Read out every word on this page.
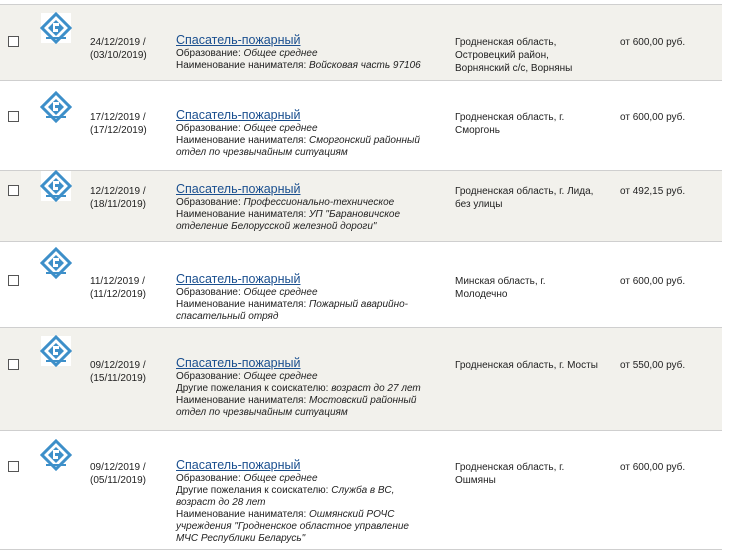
24/12/2019 /
(03/10/2019)
Спасатель-пожарный
Образование: Общее среднее
Наименование нанимателя: Войсковая часть 97106
Гродненская область,
Островецкий район,
Ворнянский с/с, Ворняны
от 600,00 руб.
17/12/2019 /
(17/12/2019)
Спасатель-пожарный
Образование: Общее среднее
Наименование нанимателя: Сморгонский районный
отдел по чрезвычайным ситуациям
Гродненская область, г.
Сморгонь
от 600,00 руб.
12/12/2019 /
(18/11/2019)
Спасатель-пожарный
Образование: Профессионально-техническое
Наименование нанимателя: УП "Барановичское
отделение Белорусской железной дороги"
Гродненская область, г. Лида,
без улицы
от 492,15 руб.
11/12/2019 /
(11/12/2019)
Спасатель-пожарный
Образование: Общее среднее
Наименование нанимателя: Пожарный аварийно-
спасательный отряд
Минская область, г.
Молодечно
от 600,00 руб.
09/12/2019 /
(15/11/2019)
Спасатель-пожарный
Образование: Общее среднее
Другие пожелания к соискателю: возраст до 27 лет
Наименование нанимателя: Мостовский районный
отдел по чрезвычайным ситуациям
Гродненская область, г. Мосты	от 550,00 руб.
09/12/2019 /
(05/11/2019)
Спасатель-пожарный
Образование: Общее среднее
Другие пожелания к соискателю: Служба в ВС,
возраст до 28 лет
Наименование нанимателя: Ошмянский РОЧС
учреждения "Гродненское областное управление
МЧС Республики Беларусь"
Гродненская область, г.
Ошмяны
от 600,00 руб.
